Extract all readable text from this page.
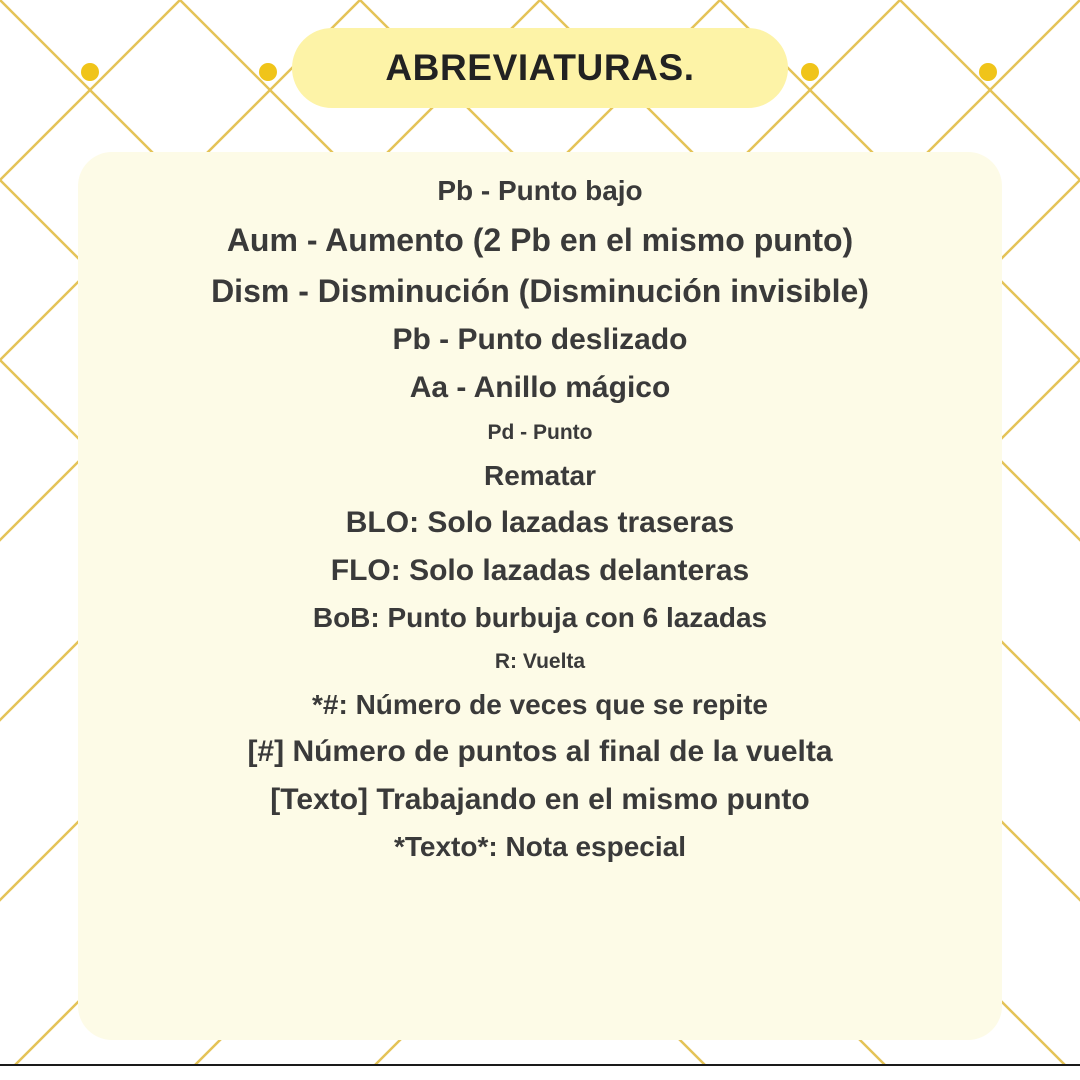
Pb - Punto bajo
Aum - Aumento (2 Pb en el mismo punto)
Dism - Disminución (Disminución invisible)
Pb - Punto deslizado
Aa - Anillo mágico
Pd - Punto
Rematar
BLO: Solo lazadas traseras
FLO: Solo lazadas delanteras
BoB: Punto burbuja con 6 lazadas
R: Vuelta
*#: Número de veces que se repite
[#] Número de puntos al final de la vuelta
[Texto] Trabajando en el mismo punto
*Texto*: Nota especial
ABREVIATURAS.
